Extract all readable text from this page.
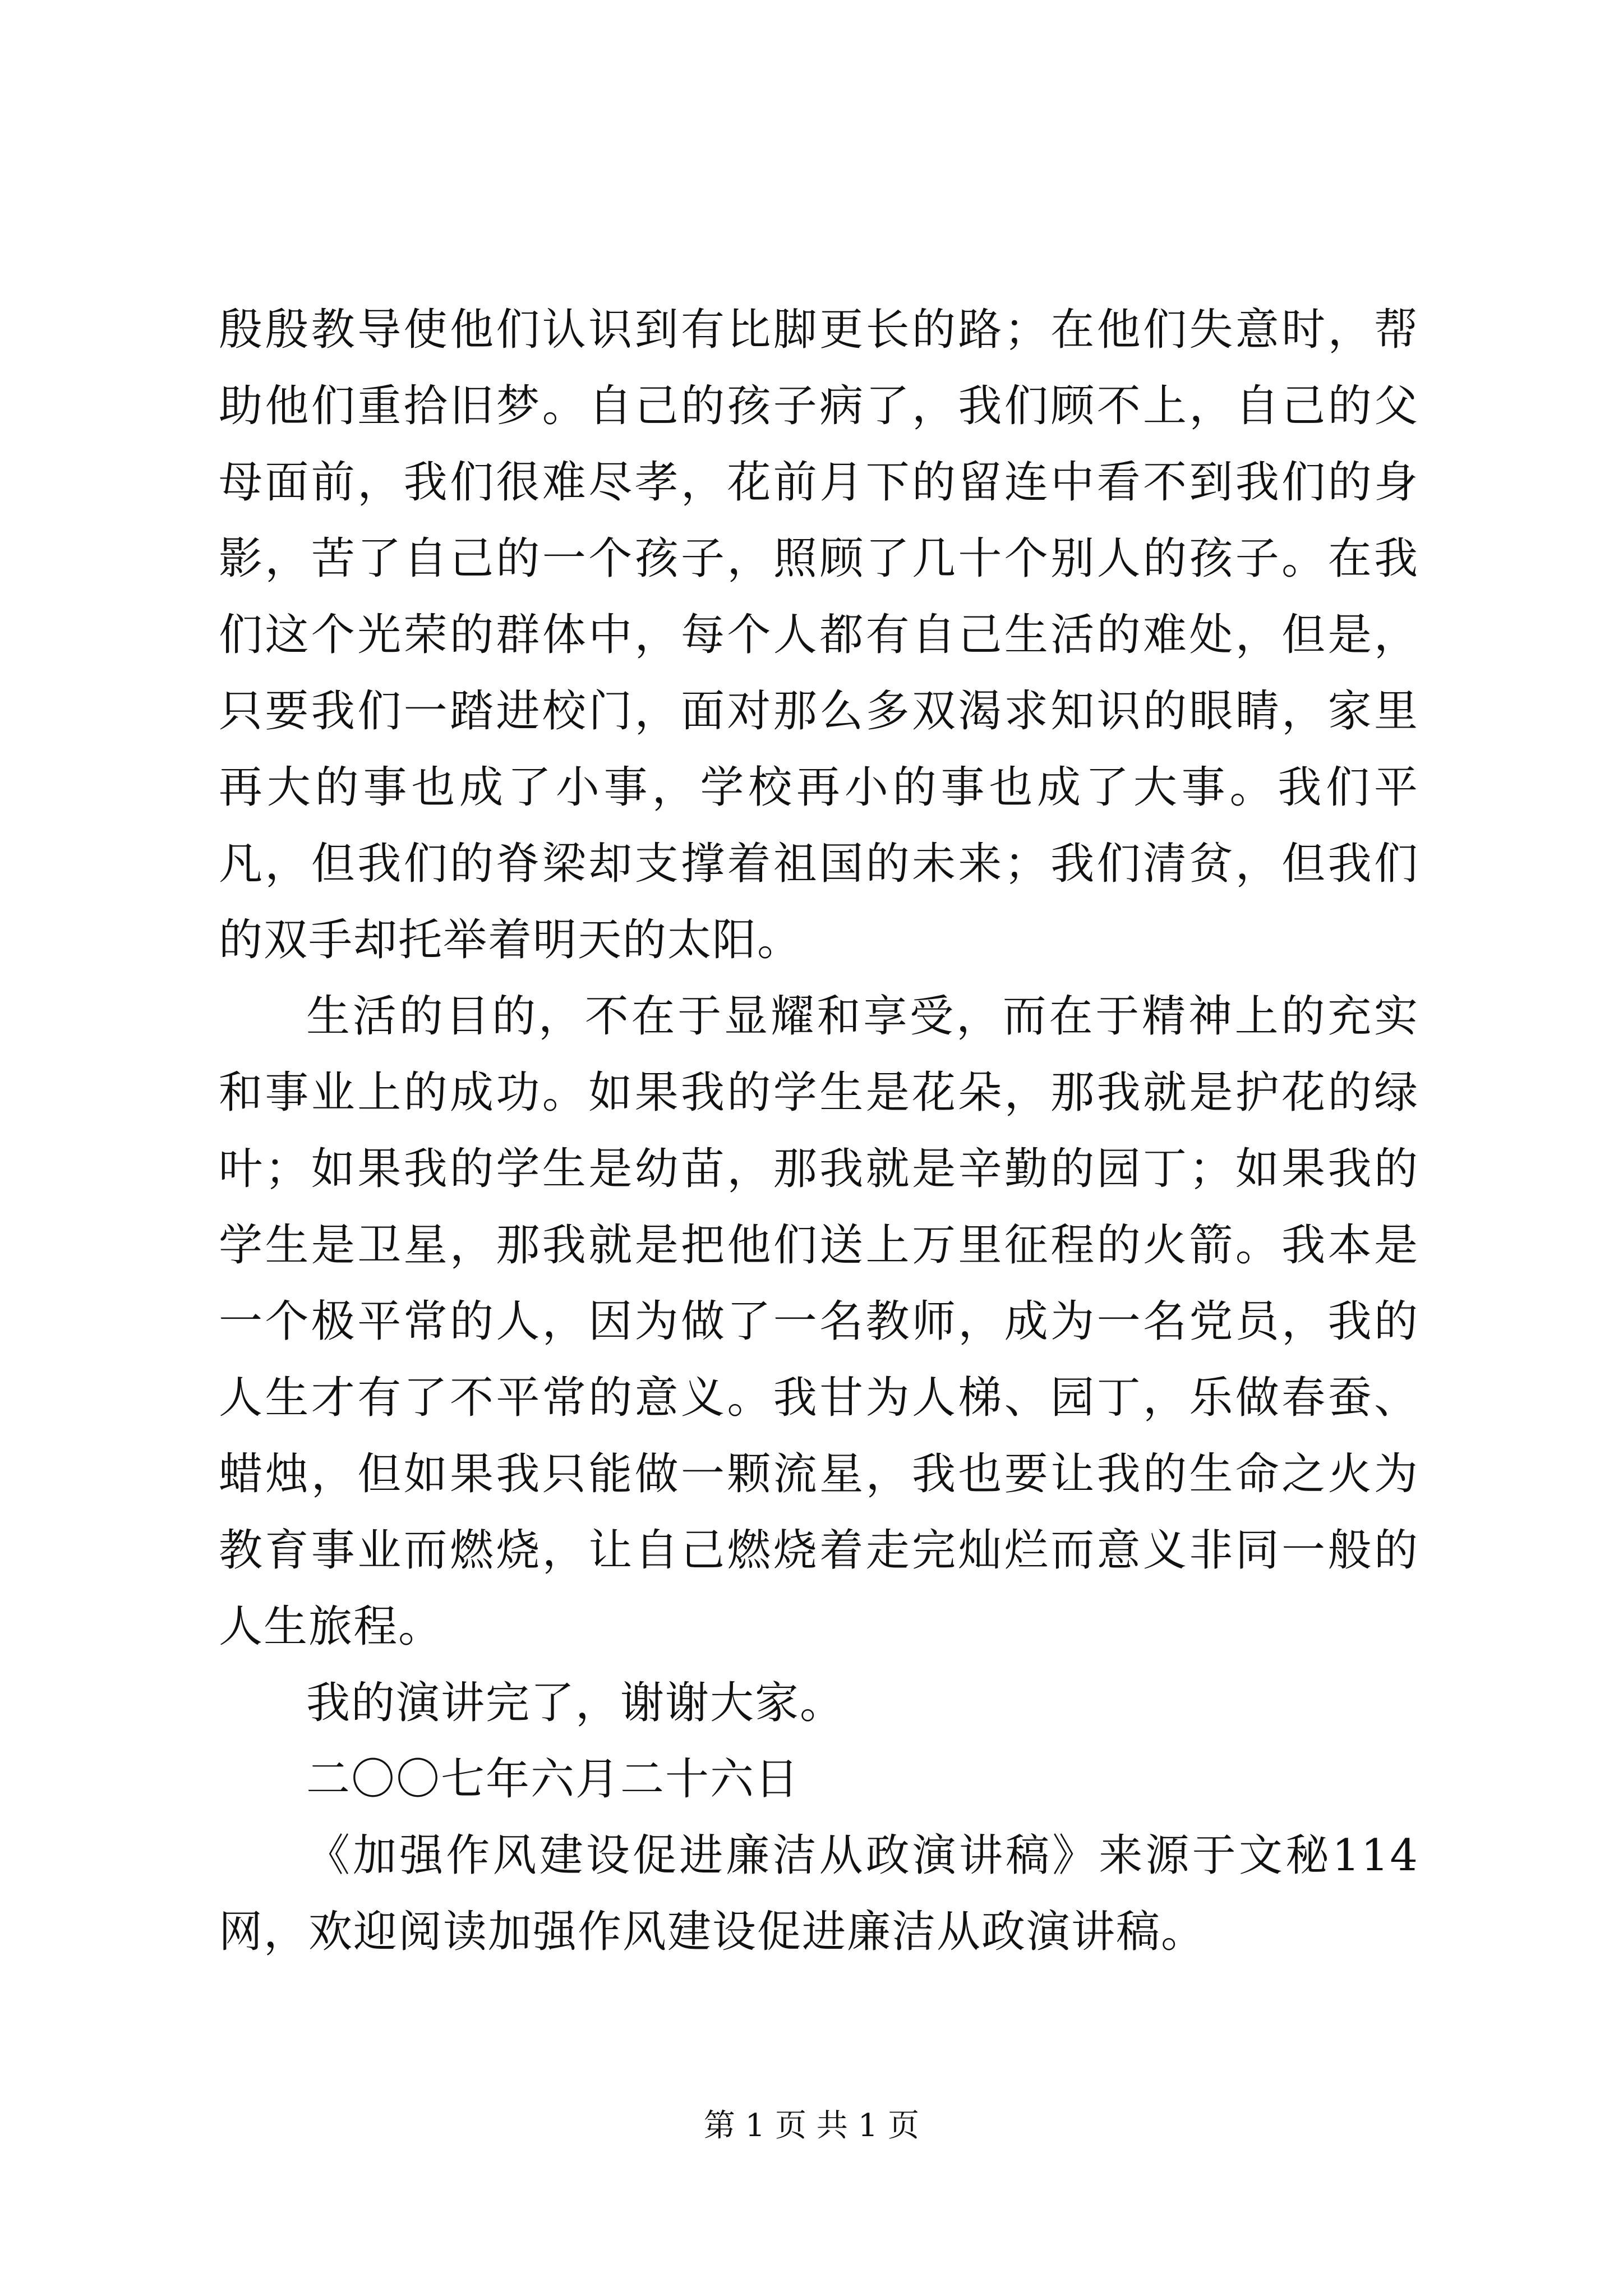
殷殷教导使他们认识到有比脚更长的路；在他们失意时，帮助他们重拾旧梦。自己的孩子病了，我们顾不上，自己的父母面前，我们很难尽孝，花前月下的留连中看不到我们的身影，苦了自己的一个孩子，照顾了几十个别人的孩子。在我们这个光荣的群体中，每个人都有自己生活的难处，但是，只要我们一踏进校门，面对那么多双渴求知识的眼睛，家里再大的事也成了小事，学校再小的事也成了大事。我们平凡，但我们的脊梁却支撑着祖国的未来；我们清贫，但我们的双手却托举着明天的太阳。

生活的目的，不在于显耀和享受，而在于精神上的充实和事业上的成功。如果我的学生是花朵，那我就是护花的绿叶；如果我的学生是幼苗，那我就是辛勤的园丁；如果我的学生是卫星，那我就是把他们送上万里征程的火箭。我本是一个极平常的人，因为做了一名教师，成为一名党员，我的人生才有了不平常的意义。我甘为人梯、园丁，乐做春蚕、蜡烛，但如果我只能做一颗流星，我也要让我的生命之火为教育事业而燃烧，让自己燃烧着走完灿烂而意义非同一般的人生旅程。

我的演讲完了，谢谢大家。

二〇〇七年六月二十六日

《加强作风建设促进廉洁从政演讲稿》来源于文秘114网，欢迎阅读加强作风建设促进廉洁从政演讲稿。

第 1 页 共 1 页
